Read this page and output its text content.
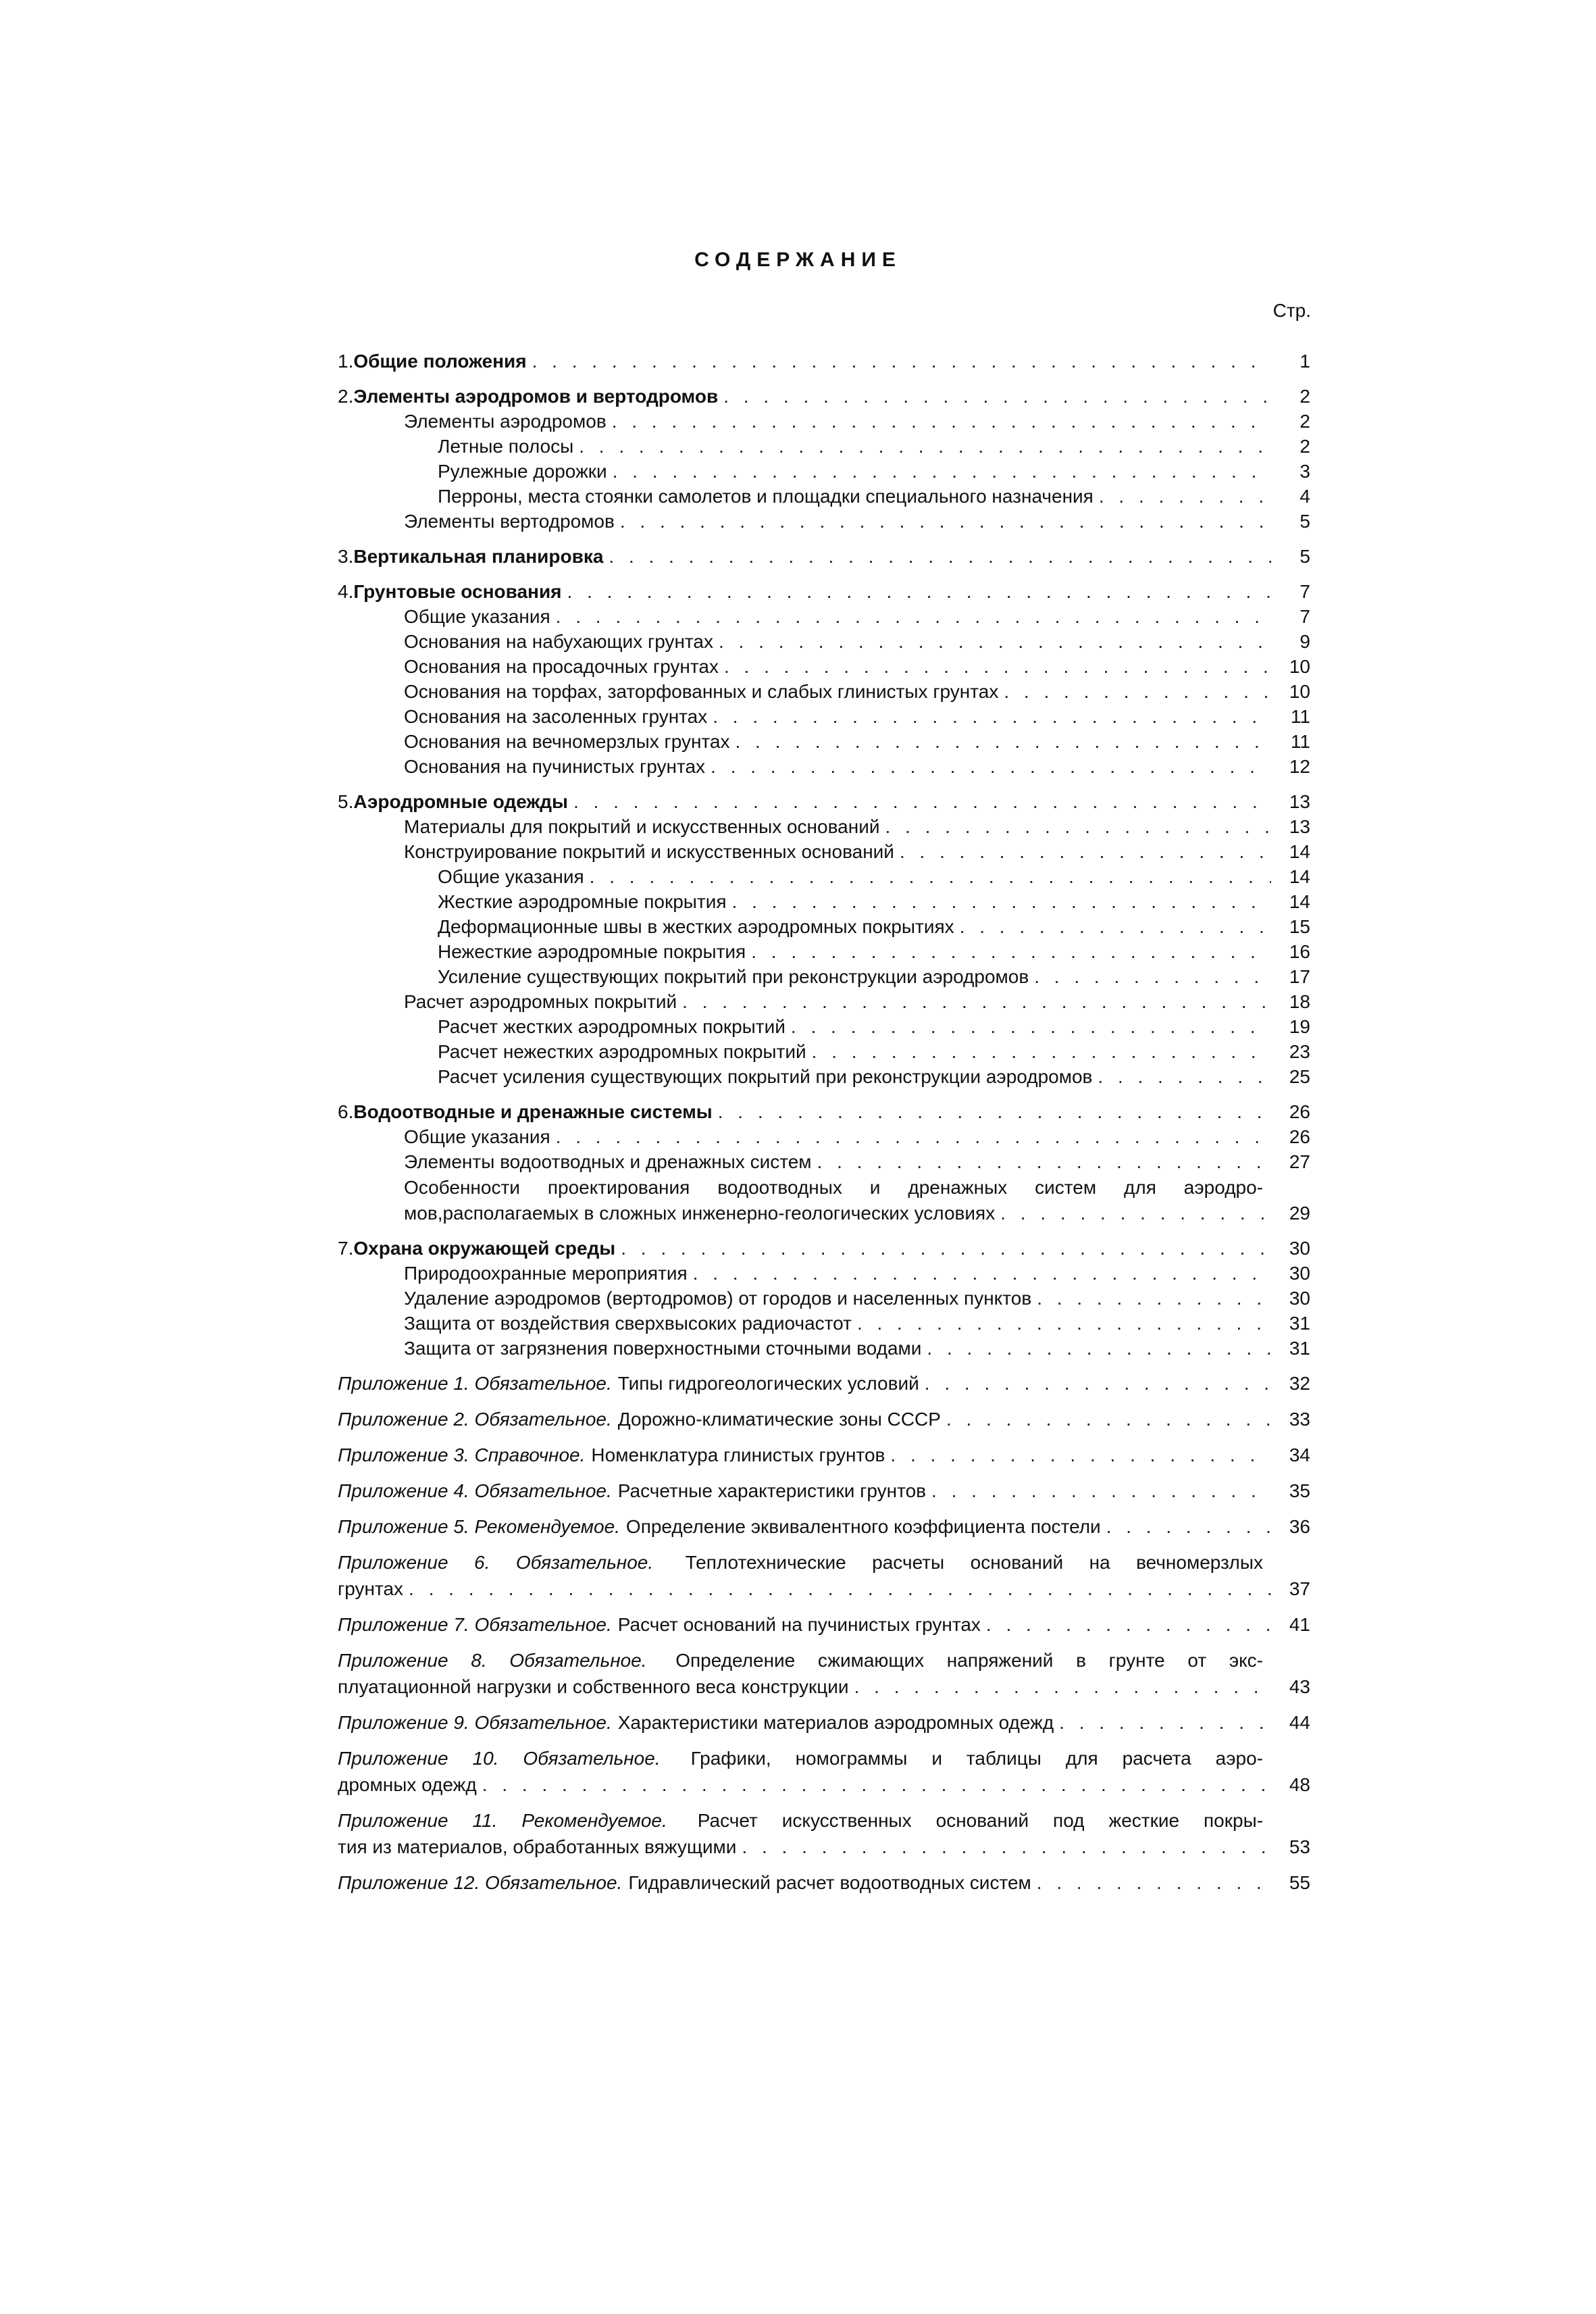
СОДЕРЖАНИЕ
Стр.
1. Общие положения . . .	1
2. Элементы аэродромов и вертодромов . . .	2
Элементы аэродромов . . .	2
Летные полосы . . .	2
Рулежные дорожки . . .	3
Перроны, места стоянки самолетов и площадки специального назначения . . .	4
Элементы вертодромов . . .	5
3. Вертикальная планировка . . .	5
4. Грунтовые основания . . .	7
Общие указания . . .	7
Основания на набухающих грунтах . . .	9
Основания на просадочных грунтах . . .	10
Основания на торфах, заторфованных и слабых глинистых грунтах . . .	10
Основания на засоленных грунтах . . .	11
Основания на вечномерзлых грунтах . . .	11
Основания на пучинистых грунтах . . .	12
5. Аэродромные одежды . . .	13
Материалы для покрытий и искусственных оснований . . .	13
Конструирование покрытий и искусственных оснований . . .	14
Общие указания . . .	14
Жесткие аэродромные покрытия . . .	14
Деформационные швы в жестких аэродромных покрытиях . . .	15
Нежесткие аэродромные покрытия . . .	16
Усиление существующих покрытий при реконструкции аэродромов . . .	17
Расчет аэродромных покрытий . . .	18
Расчет жестких аэродромных покрытий . . .	19
Расчет нежестких аэродромных покрытий . . .	23
Расчет усиления существующих покрытий при реконструкции аэродромов . . .	25
6. Водоотводные и дренажные системы . . .	26
Общие указания . . .	26
Элементы водоотводных и дренажных систем . . .	27
Особенности проектирования водоотводных и дренажных систем для аэродро-
мов,располагаемых в сложных инженерно-геологических условиях . . .	29
7. Охрана окружающей среды . . .	30
Природоохранные мероприятия . . .	30
Удаление аэродромов (вертодромов) от городов и населенных пунктов . . .	30
Защита от воздействия сверхвысоких радиочастот . . .	31
Защита от загрязнения поверхностными сточными водами . . .	31
Приложение 1. Обязательное. Типы гидрогеологических условий . . .	32
Приложение 2. Обязательное. Дорожно-климатические зоны СССР . . .	33
Приложение 3. Справочное. Номенклатура глинистых грунтов . . .	34
Приложение 4. Обязательное. Расчетные характеристики грунтов . . .	35
Приложение 5. Рекомендуемое. Определение эквивалентного коэффициента постели . . .	36
Приложение 6. Обязательное. Теплотехнические расчеты оснований на вечномерзлых
грунтах . . .	37
Приложение 7. Обязательное. Расчет оснований на пучинистых грунтах . . .	41
Приложение 8. Обязательное. Определение сжимающих напряжений в грунте от экс-
плуатационной нагрузки и собственного веса конструкции . . .	43
Приложение 9. Обязательное. Характеристики материалов аэродромных одежд . . .	44
Приложение 10. Обязательное. Графики, номограммы и таблицы для расчета аэро-
дромных одежд . . .	48
Приложение 11. Рекомендуемое. Расчет искусственных оснований под жесткие покры-
тия из материалов, обработанных вяжущими . . .	53
Приложение 12. Обязательное. Гидравлический расчет водоотводных систем . . .	55
